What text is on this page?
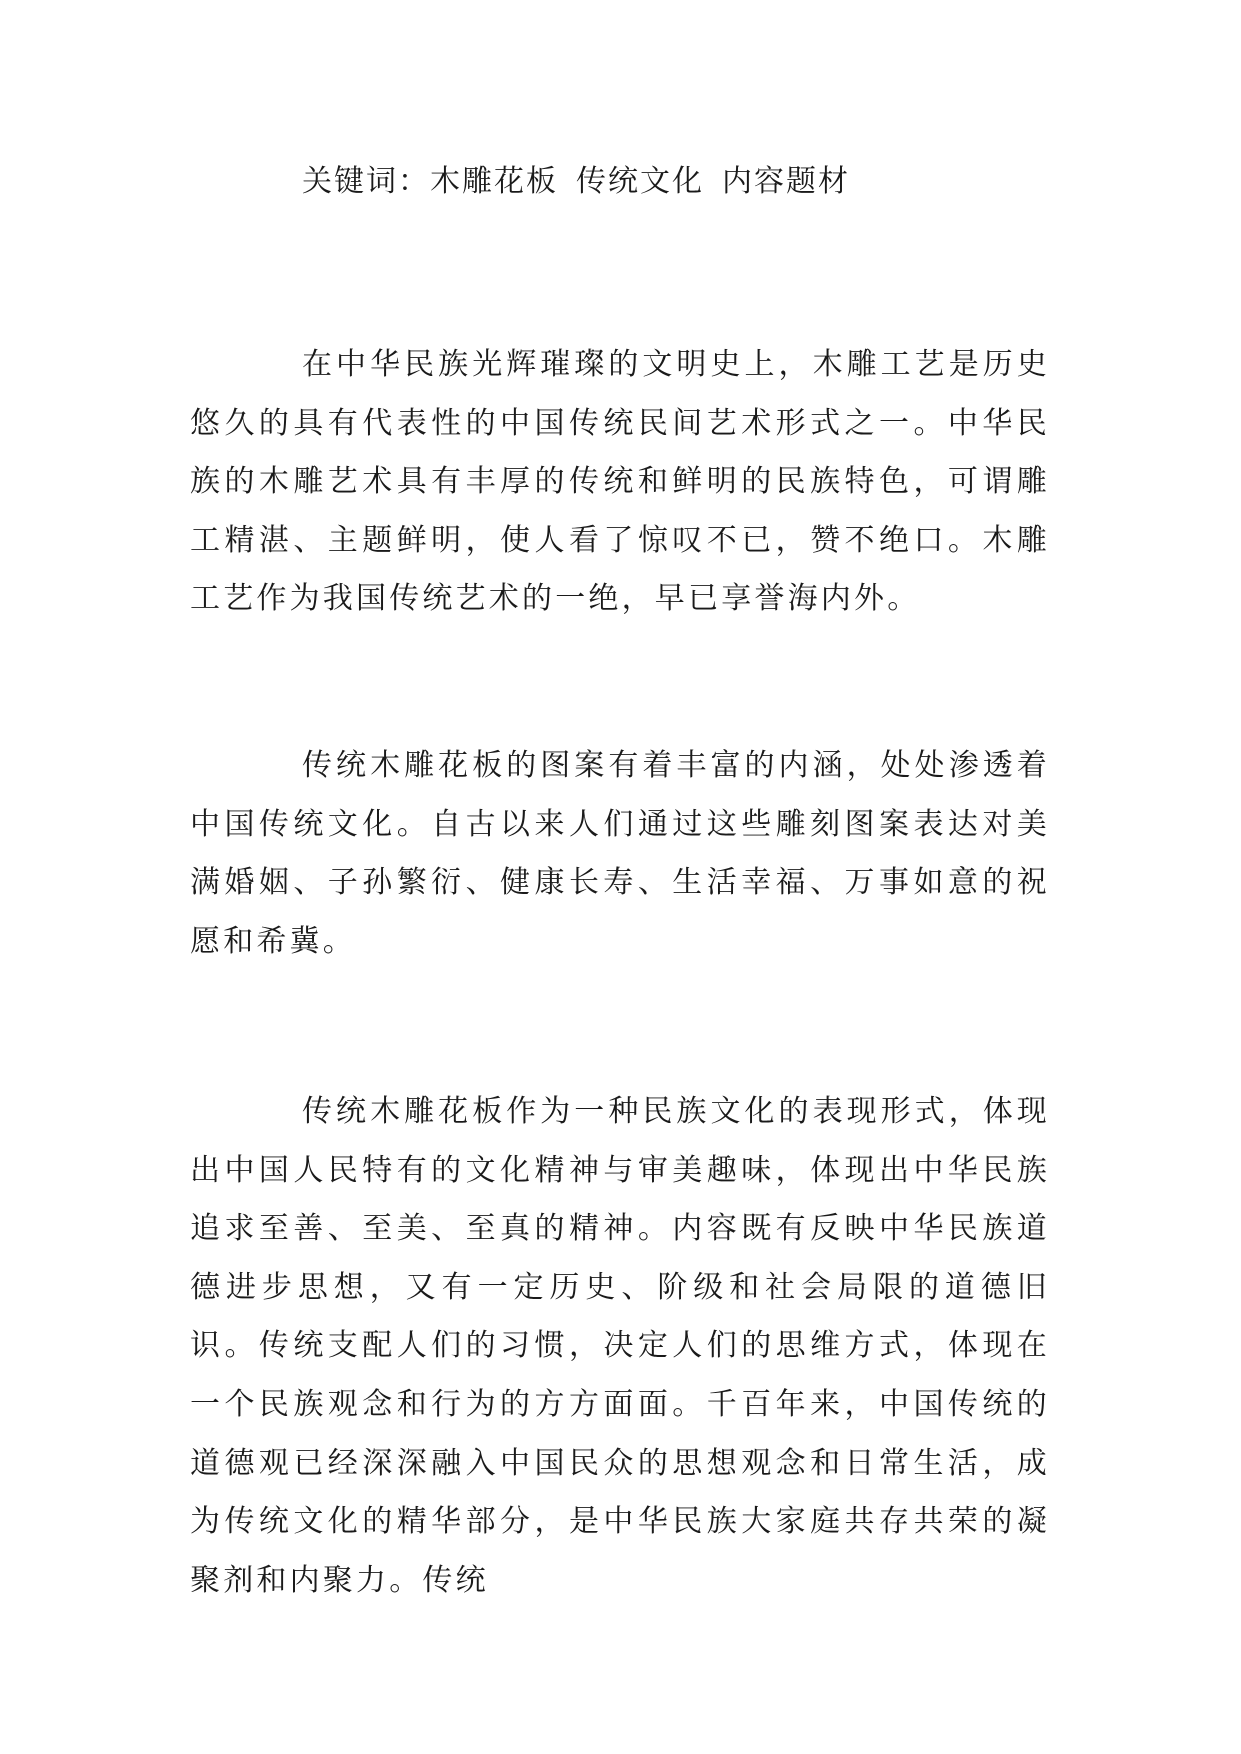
关键词：木雕花板 传统文化 内容题材

在中华民族光辉璀璨的文明史上，木雕工艺是历史悠久的具有代表性的中国传统民间艺术形式之一。中华民族的木雕艺术具有丰厚的传统和鲜明的民族特色，可谓雕工精湛、主题鲜明，使人看了惊叹不已，赞不绝口。木雕工艺作为我国传统艺术的一绝，早已享誉海内外。

传统木雕花板的图案有着丰富的内涵，处处渗透着中国传统文化。自古以来人们通过这些雕刻图案表达对美满婚姻、子孙繁衍、健康长寿、生活幸福、万事如意的祝愿和希冀。

传统木雕花板作为一种民族文化的表现形式，体现出中国人民特有的文化精神与审美趣味，体现出中华民族追求至善、至美、至真的精神。内容既有反映中华民族道德进步思想，又有一定历史、阶级和社会局限的道德旧识。传统支配人们的习惯，决定人们的思维方式，体现在一个民族观念和行为的方方面面。千百年来，中国传统的道德观已经深深融入中国民众的思想观念和日常生活，成为传统文化的精华部分，是中华民族大家庭共存共荣的凝聚剂和内聚力。传统
